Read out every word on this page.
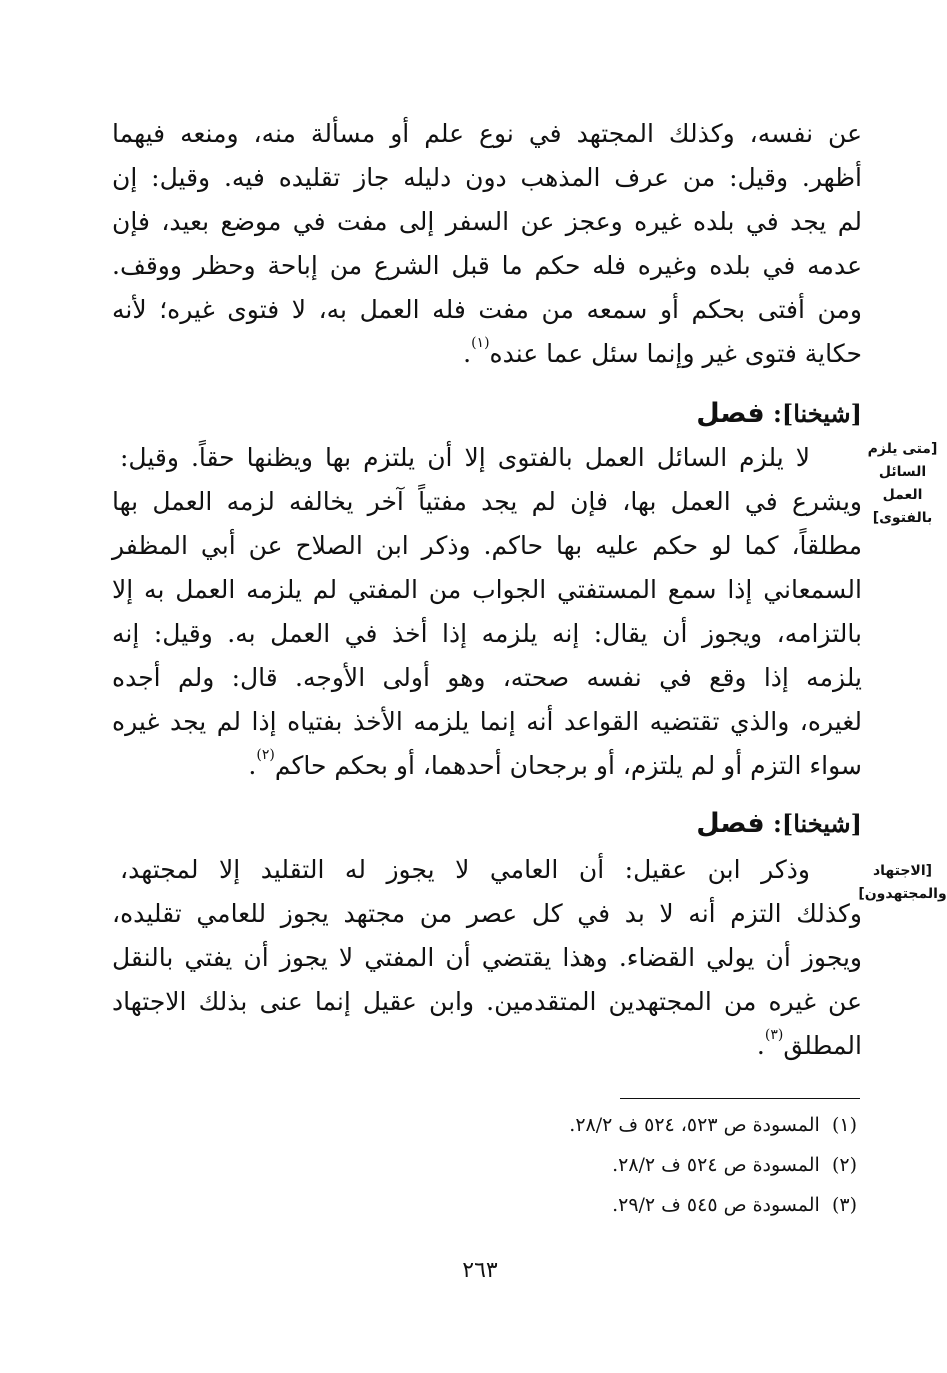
عن نفسه، وكذلك المجتهد في نوع علم أو مسألة منه، ومنعه فيهما
أظهر. وقيل: من عرف المذهب دون دليله جاز تقليده فيه. وقيل: إن
لم يجد في بلده غيره وعجز عن السفر إلى مفت في موضع بعيد، فإن
عدمه في بلده وغيره فله حكم ما قبل الشرع من إباحة وحظر ووقف.
ومن أفتى بحكم أو سمعه من مفت فله العمل به، لا فتوى غيره؛ لأنه
حكاية فتوى غير وإنما سئل عما عنده$^{(١)}$.
[شيخنا]: فصل
[متى يلزم
السائل
العمل
بالفتوى]
لا يلزم السائل العمل بالفتوى إلا أن يلتزم بها ويظنها حقاً. وقيل:
ويشرع في العمل بها، فإن لم يجد مفتياً آخر يخالفه لزمه العمل بها
مطلقاً، كما لو حكم عليه بها حاكم. وذكر ابن الصلاح عن أبي المظفر
السمعاني إذا سمع المستفتي الجواب من المفتي لم يلزمه العمل به إلا
بالتزامه، ويجوز أن يقال: إنه يلزمه إذا أخذ في العمل به. وقيل: إنه
يلزمه إذا وقع في نفسه صحته، وهو أولى الأوجه. قال: ولم أجده
لغيره، والذي تقتضيه القواعد أنه إنما يلزمه الأخذ بفتياه إذا لم يجد غيره
سواء التزم أو لم يلتزم، أو برجحان أحدهما، أو بحكم حاكم$^{(٢)}$.
[شيخنا]: فصل
[الاجتهاد
والمجتهدون]
وذكر ابن عقيل: أن العامي لا يجوز له التقليد إلا لمجتهد،
وكذلك التزم أنه لا بد في كل عصر من مجتهد يجوز للعامي تقليده،
ويجوز أن يولي القضاء. وهذا يقتضي أن المفتي لا يجوز أن يفتي بالنقل
عن غيره من المجتهدين المتقدمين. وابن عقيل إنما عنى بذلك الاجتهاد
المطلق$^{(٣)}$.
(١)  المسودة ص ٥٢٣، ٥٢٤ ف ٢٨/٢.
(٢)  المسودة ص ٥٢٤ ف ٢٨/٢.
(٣)  المسودة ص ٥٤٥ ف ٢٩/٢.
٢٦٣
